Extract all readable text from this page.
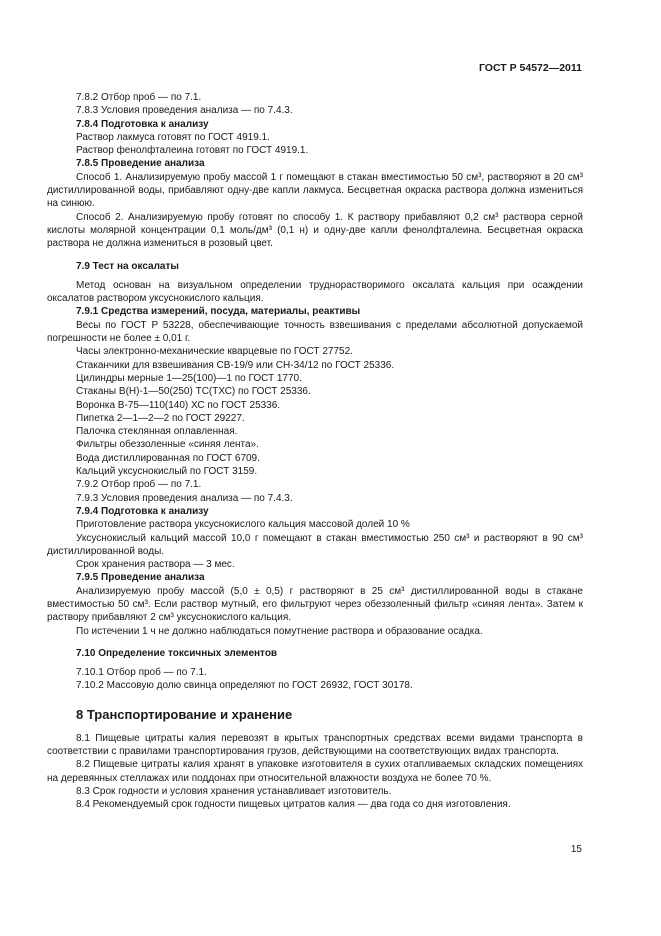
ГОСТ Р 54572—2011

7.8.2 Отбор проб — по 7.1.

7.8.3 Условия проведения анализа — по 7.4.3.

7.8.4 Подготовка к анализу

Раствор лакмуса готовят по ГОСТ 4919.1.

Раствор фенолфталеина готовят по ГОСТ 4919.1.

7.8.5 Проведение анализа

Способ 1. Анализируемую пробу массой 1 г помещают в стакан вместимостью 50 см³, растворяют в 20 см³ дистиллированной воды, прибавляют одну-две капли лакмуса. Бесцветная окраска раствора должна измениться на синюю.

Способ 2. Анализируемую пробу готовят по способу 1. К раствору прибавляют 0,2 см³ раствора серной кислоты молярной концентрации 0,1 моль/дм³ (0,1 н) и одну-две капли фенолфталеина. Бесцветная окраска раствора не должна измениться в розовый цвет.

7.9 Тест на оксалаты

Метод основан на визуальном определении труднорастворимого оксалата кальция при осаждении оксалатов раствором уксуснокислого кальция.

7.9.1 Средства измерений, посуда, материалы, реактивы

Весы по ГОСТ Р 53228, обеспечивающие точность взвешивания с пределами абсолютной допускаемой погрешности не более ± 0,01 г.

Часы электронно-механические кварцевые по ГОСТ 27752.

Стаканчики для взвешивания СВ-19/9 или СН-34/12 по ГОСТ 25336.

Цилиндры мерные 1—25(100)—1 по ГОСТ 1770.

Стаканы В(Н)-1—50(250) ТС(ТХС) по ГОСТ 25336.

Воронка В-75—110(140) ХС по ГОСТ 25336.

Пипетка 2—1—2—2 по ГОСТ 29227.

Палочка стеклянная оплавленная.

Фильтры обеззоленные «синяя лента».

Вода дистиллированная по ГОСТ 6709.

Кальций уксуснокислый по ГОСТ 3159.

7.9.2 Отбор проб — по 7.1.

7.9.3 Условия проведения анализа — по 7.4.3.

7.9.4 Подготовка к анализу

Приготовление раствора уксуснокислого кальция массовой долей 10 %

Уксуснокислый кальций массой 10,0 г помещают в стакан вместимостью 250 см³ и растворяют в 90 см³ дистиллированной воды.

Срок хранения раствора — 3 мес.

7.9.5 Проведение анализа

Анализируемую пробу массой (5,0 ± 0,5) г растворяют в 25 см³ дистиллированной воды в стакане вместимостью 50 см³. Если раствор мутный, его фильтруют через обеззоленный фильтр «синяя лента». Затем к раствору прибавляют 2 см³ уксуснокислого кальция.

По истечении 1 ч не должно наблюдаться помутнение раствора и образование осадка.

7.10 Определение токсичных элементов

7.10.1 Отбор проб — по 7.1.

7.10.2 Массовую долю свинца определяют по ГОСТ 26932, ГОСТ 30178.

8 Транспортирование и хранение

8.1 Пищевые цитраты калия перевозят в крытых транспортных средствах всеми видами транспорта в соответствии с правилами транспортирования грузов, действующими на соответствующих видах транспорта.

8.2 Пищевые цитраты калия хранят в упаковке изготовителя в сухих отапливаемых складских помещениях на деревянных стеллажах или поддонах при относительной влажности воздуха не более 70 %.

8.3 Срок годности и условия хранения устанавливает изготовитель.

8.4 Рекомендуемый срок годности пищевых цитратов калия — два года со дня изготовления.

15
